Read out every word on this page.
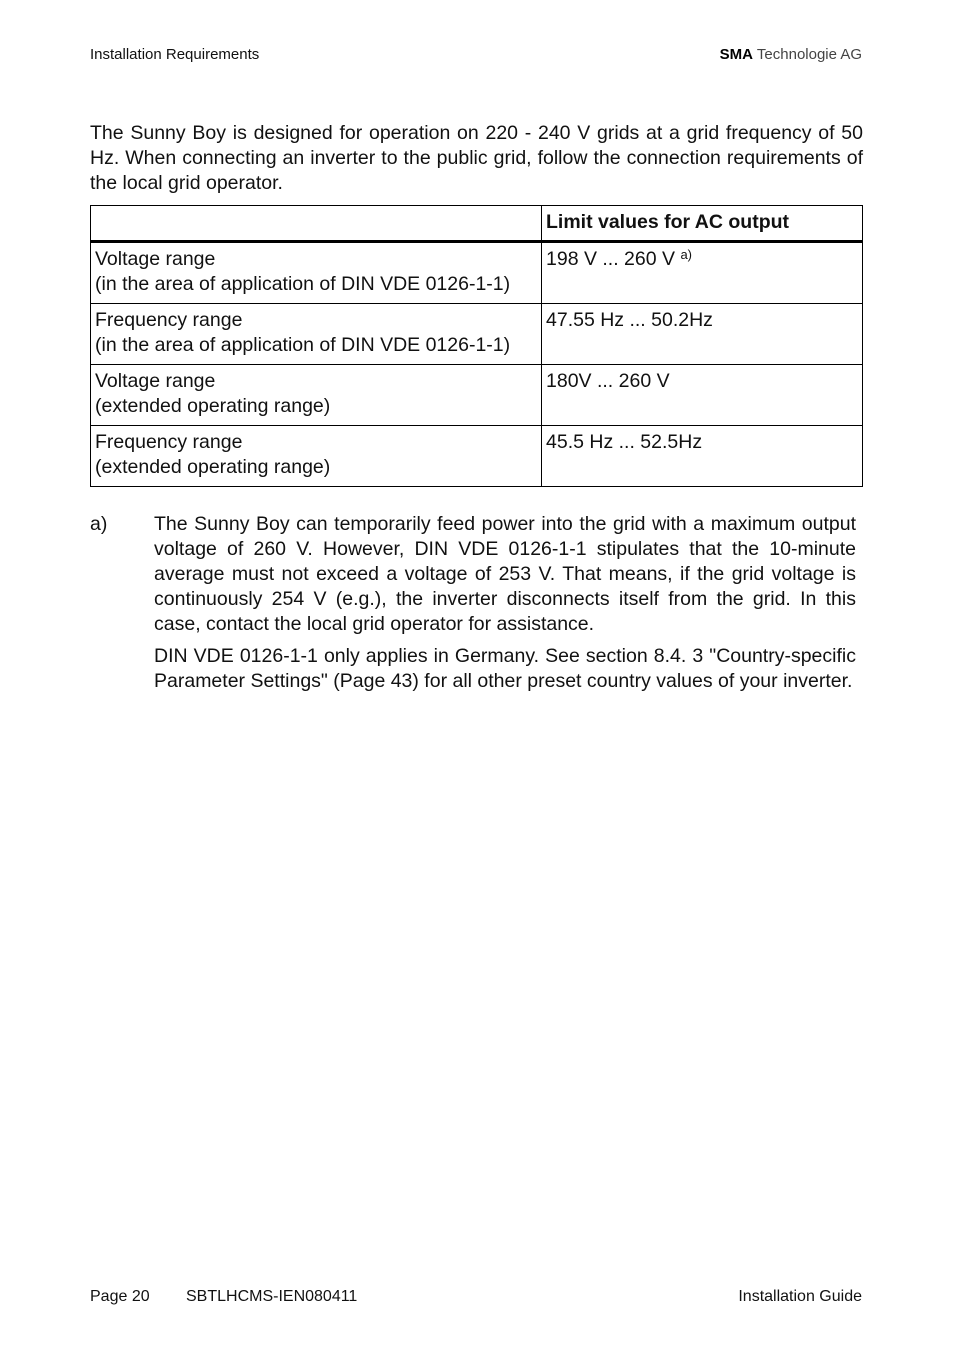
Installation Requirements	SMA Technologie AG

The Sunny Boy is designed for operation on 220 - 240 V grids at a grid frequency of 50 Hz. When connecting an inverter to the public grid, follow the connection requirements of the local grid operator.

	Limit values for AC output
Voltage range
(in the area of application of DIN VDE 0126-1-1)	198 V ... 260 V $^{a)}$
Frequency range
(in the area of application of DIN VDE 0126-1-1)	47.55 Hz ... 50.2Hz
Voltage range
(extended operating range)	180V ... 260 V
Frequency range
(extended operating range)	45.5 Hz ... 52.5Hz
a) The Sunny Boy can temporarily feed power into the grid with a maximum output voltage of 260 V. However, DIN VDE 0126-1-1 stipulates that the 10-minute average must not exceed a voltage of 253 V. That means, if the grid voltage is continuously 254 V (e.g.), the inverter disconnects itself from the grid. In this case, contact the local grid operator for assistance.

DIN VDE 0126-1-1 only applies in Germany. See section 8.4. 3 "Country-specific Parameter Settings" (Page 43) for all other preset country values of your inverter.

Page 20 SBTLHCMS-IEN080411	Installation Guide
